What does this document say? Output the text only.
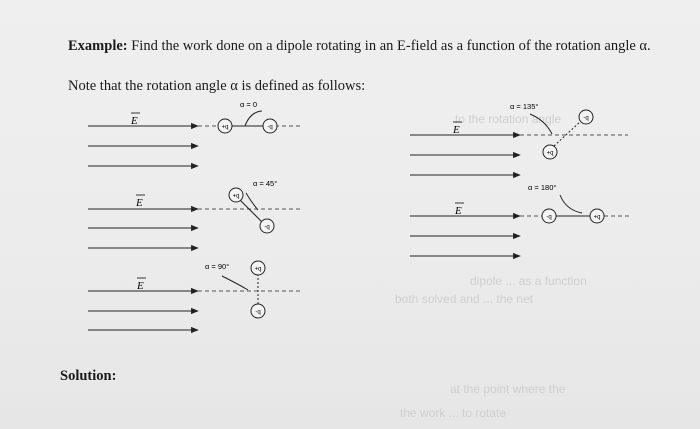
to the rotation angle
dipole ... as a function
both solved and ... the net
at the point where the
the work ... to rotate
Example: Find the work done on a dipole rotating in an E-field as a function of the rotation angle α.
Note that the rotation angle α is defined as follows:
α = 0
E
+q	-q
α = 45°
E
+q
-q
α = 90°
E
+q
-q
α = 135°
E
-q
+q
α = 180°
E
-q	+q
Solution:
